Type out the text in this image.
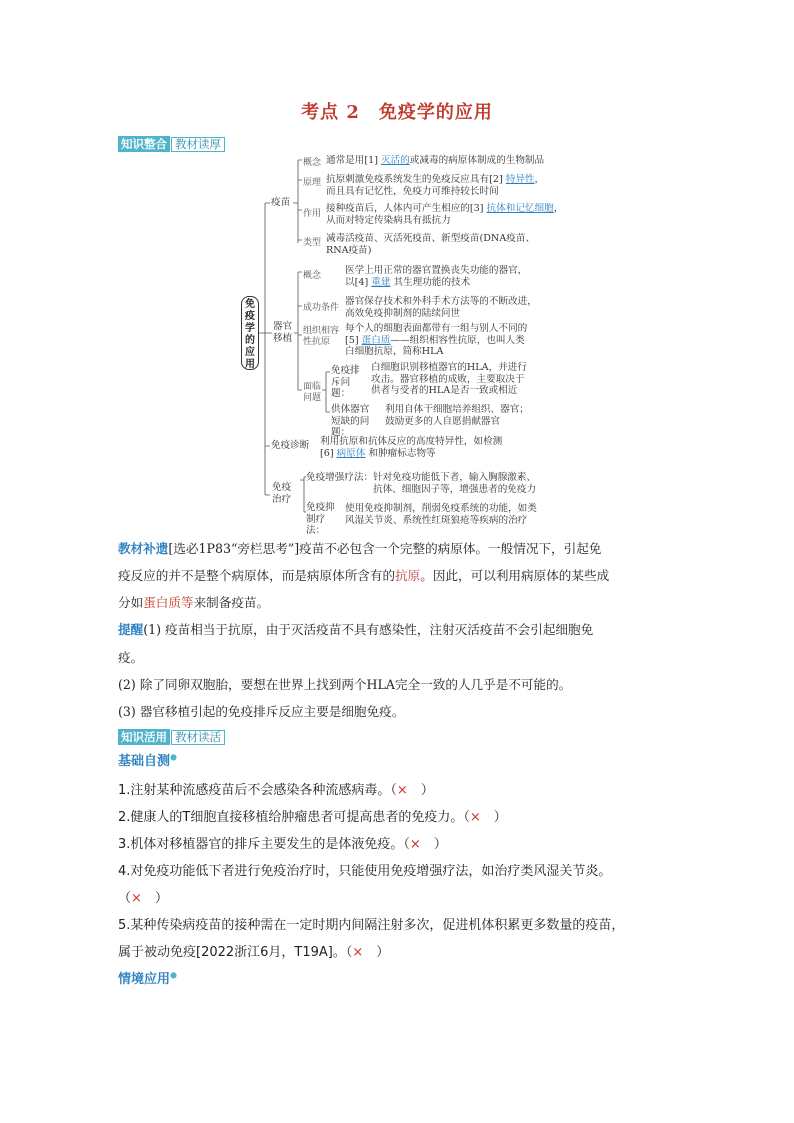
考点 2　免疫学的应用
知识整合 教材读厚
免疫学的应用
疫苗
器官移植
免疫诊断
免疫治疗
概念 通常是用[1] 灭活的或减毒的病原体制成的生物制品
原理 抗原刺激免疫系统发生的免疫反应具有[2] 特异性，
而且具有记忆性，免疫力可维持较长时间
作用 接种疫苗后，人体内可产生相应的[3] 抗体和记忆细胞，
从而对特定传染病具有抵抗力
类型 减毒活疫苗、灭活死疫苗、新型疫苗(DNA疫苗、
RNA疫苗)
概念 医学上用正常的器官置换丧失功能的器官，
以[4] 重建 其生理功能的技术
成功条件
器官保存技术和外科手术方法等的不断改进，
高效免疫抑制剂的陆续问世
组织相容性抗原
每个人的细胞表面都带有一组与别人不同的
[5] 蛋白质——组织相容性抗原，也叫人类
白细胞抗原，简称HLA
面临问题
免疫排斥问题：
白细胞识别移植器官的HLA，并进行
攻击。器官移植的成败，主要取决于
供者与受者的HLA是否一致或相近
供体器官短缺的问题：
利用自体干细胞培养组织、器官；
鼓励更多的人自愿捐献器官
利用抗原和抗体反应的高度特异性，如检测
[6] 病原体 和肿瘤标志物等
免疫增强疗法： 针对免疫功能低下者，输入胸腺激素、
抗体、细胞因子等，增强患者的免疫力
免疫抑制疗法：
使用免疫抑制剂，削弱免疫系统的功能，如类
风湿关节炎、系统性红斑狼疮等疾病的治疗
教材补遗[选必1P83“旁栏思考”]疫苗不必包含一个完整的病原体。一般情况下，引起免
疫反应的并不是整个病原体，而是病原体所含有的抗原。因此，可以利用病原体的某些成
分如蛋白质等来制备疫苗。
提醒(1) 疫苗相当于抗原，由于灭活疫苗不具有感染性，注射灭活疫苗不会引起细胞免
疫。
(2) 除了同卵双胞胎，要想在世界上找到两个HLA完全一致的人几乎是不可能的。
(3) 器官移植引起的免疫排斥反应主要是细胞免疫。
知识活用 教材读活
基础自测●
1.注射某种流感疫苗后不会感染各种流感病毒。（×　 ）
2.健康人的T细胞直接移植给肿瘤患者可提高患者的免疫力。（×　 ）
3.机体对移植器官的排斥主要发生的是体液免疫。（×　 ）
4.对免疫功能低下者进行免疫治疗时，只能使用免疫增强疗法，如治疗类风湿关节炎。
（×　 ）
5.某种传染病疫苗的接种需在一定时期内间隔注射多次，促进机体积累更多数量的疫苗，
属于被动免疫[2022浙江6月，T19A]。（×　 ）
情境应用●
